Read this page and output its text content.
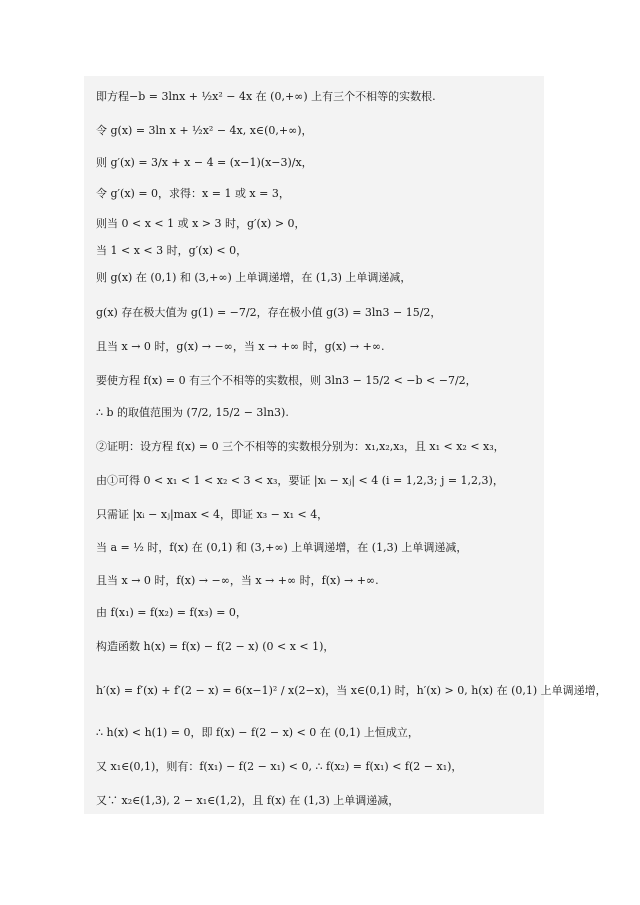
即方程−b = 3lnx + ½x² − 4x 在 (0,+∞) 上有三个不相等的实数根.
令 g(x) = 3ln x + ½x² − 4x, x∈(0,+∞)，
则 g′(x) = 3/x + x − 4 = (x−1)(x−3)/x，
令 g′(x) = 0，求得：x = 1 或 x = 3，
则当 0 < x < 1 或 x > 3 时，g′(x) > 0，
当 1 < x < 3 时，g′(x) < 0，
则 g(x) 在 (0,1) 和 (3,+∞) 上单调递增，在 (1,3) 上单调递减，
g(x) 存在极大值为 g(1) = −7/2，存在极小值 g(3) = 3ln3 − 15/2，
且当 x → 0 时，g(x) → −∞，当 x → +∞ 时，g(x) → +∞.
要使方程 f(x) = 0 有三个不相等的实数根，则 3ln3 − 15/2 < −b < −7/2，
∴ b 的取值范围为 (7/2, 15/2 − 3ln3).
②证明：设方程 f(x) = 0 三个不相等的实数根分别为：x₁,x₂,x₃，且 x₁ < x₂ < x₃，
由①可得 0 < x₁ < 1 < x₂ < 3 < x₃，要证 |xᵢ − xⱼ| < 4 (i = 1,2,3; j = 1,2,3)，
只需证 |xᵢ − xⱼ|max < 4，即证 x₃ − x₁ < 4，
当 a = ½ 时，f(x) 在 (0,1) 和 (3,+∞) 上单调递增，在 (1,3) 上单调递减，
且当 x → 0 时，f(x) → −∞，当 x → +∞ 时，f(x) → +∞.
由 f(x₁) = f(x₂) = f(x₃) = 0，
构造函数 h(x) = f(x) − f(2 − x) (0 < x < 1)，
h′(x) = f′(x) + f′(2 − x) = 6(x−1)² / x(2−x)，当 x∈(0,1) 时，h′(x) > 0, h(x) 在 (0,1) 上单调递增，
∴ h(x) < h(1) = 0，即 f(x) − f(2 − x) < 0 在 (0,1) 上恒成立，
又 x₁∈(0,1)，则有：f(x₁) − f(2 − x₁) < 0, ∴ f(x₂) = f(x₁) < f(2 − x₁)，
又∵ x₂∈(1,3), 2 − x₁∈(1,2)，且 f(x) 在 (1,3) 上单调递减，
